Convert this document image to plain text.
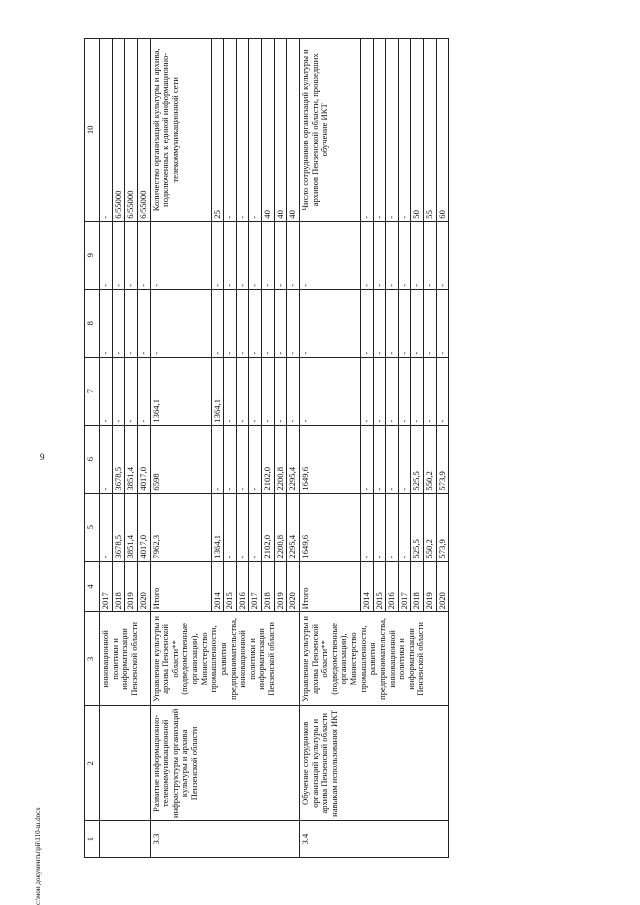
9
с:\мои документы\рй\110-ш.docx	1	2	3	4	5	6	7	8	9	10
		инновационной политики и информатизации Пензенской области	2017	-	-	-	-	-	-
			2018	3678,5	3678,5	-	-	-	6/55000
			2019	3851,4	3851,4	-	-	-	6/55000
			2020	4017,0	4017,0	-	-	-	6/55000
3.3	Развитие информационно-телекоммуникационной инфраструктуры организаций культуры и архива Пензенской области	Управление культуры и архива Пензенской области** (подведомственные организации), Министерство промышленности, развития предпринимательства, инновационной политики и информатизации Пензенской области	Итого	7962,3	6598	1364,1	-	-	Количество организаций культуры и архива, подключенных к единой информационно-телекоммуникационной сети
			2014	1364,1	-	1364,1	-	-	25
			2015	-	-	-	-	-	-
			2016	-	-	-	-	-	-
			2017	-	-	-	-	-	-
			2018	2102,0	2102,0	-	-	-	40
			2019	2200,8	2200,8	-	-	-	40
			2020	2295,4	2295,4	-	-	-	40
3.4	Обучение сотрудников организаций культуры и архива Пензенской области навыкам использования ИКТ	Управление культуры и архива Пензенской области** (подведомственные организации), Министерство промышленности, развития предпринимательства, инновационной политики и информатизации Пензенской области	Итого	1649,6	1649,6	-	-	-	Число сотрудников организаций культуры и архивов Пензенской области, прошедших обучение ИКТ
			2014	-	-	-	-	-	-
			2015	-	-	-	-	-	-
			2016	-	-	-	-	-	-
			2017	-	-	-	-	-	-
			2018	525,5	525,5	-	-	-	50
			2019	550,2	550,2	-	-	-	55
			2020	573,9	573,9	-	-	-	60
